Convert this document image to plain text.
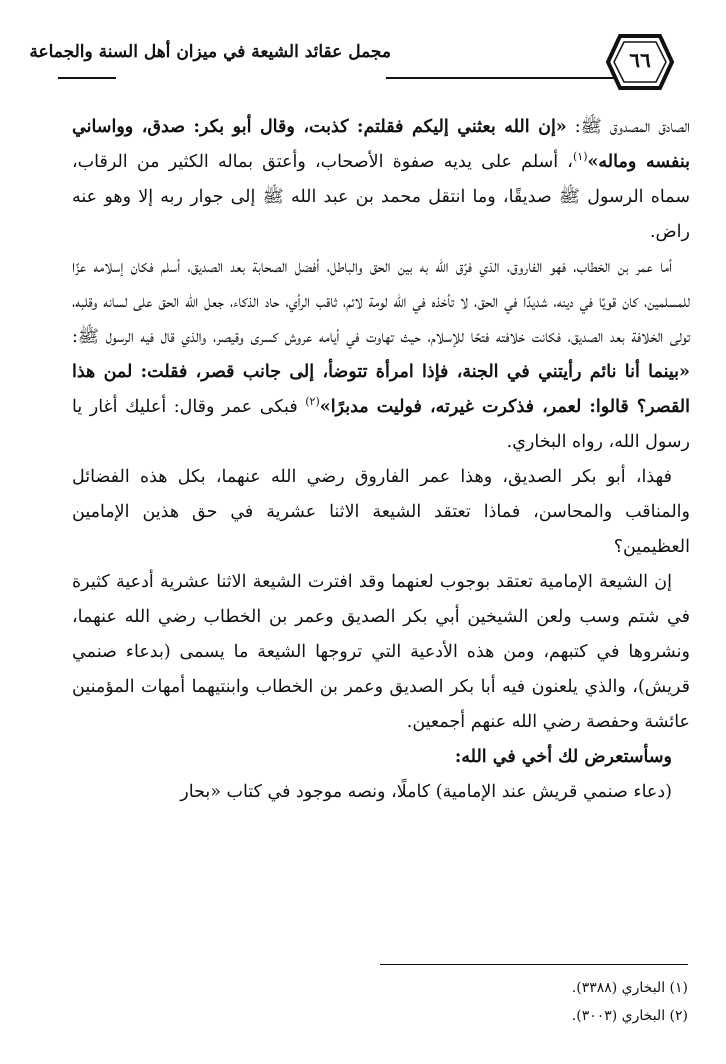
مجمل عقائد الشيعة في ميزان أهل السنة والجماعة	٦٦

الصادق المصدوق ﷺ: «إن الله بعثني إليكم فقلتم: كذبت، وقال أبو بكر: صدق، وواساني بنفسه وماله»$^{(١)}$، أسلم على يديه صفوة الأصحاب، وأعتق بماله الكثير من الرقاب، سماه الرسول ﷺ صديقًا، وما انتقل محمد بن عبد الله ﷺ إلى جوار ربه إلا وهو عنه راض.

أما عمر بن الخطاب، فهو الفاروق، الذي فرّق الله به بين الحق والباطل، أفضل الصحابة بعد الصديق، أسلم فكان إسلامه عزًا للمسلمين، كان قويًا في دينه، شديدًا في الحق، لا تأخذه في الله لومة لائم، ثاقب الرأي، حاد الذكاء، جعل الله الحق على لسانه وقلبه، تولى الخلافة بعد الصديق، فكانت خلافته فتحًا للإسلام، حيث تهاوت في أيامه عروش كسرى وقيصر، والذي قال فيه الرسول ﷺ: «بينما أنا نائم رأيتني في الجنة، فإذا امرأة تتوضأ، إلى جانب قصر، فقلت: لمن هذا القصر؟ قالوا: لعمر، فذكرت غيرته، فوليت مدبرًا»$^{(٢)}$ فبكى عمر وقال: أعليك أغار يا رسول الله، رواه البخاري.

فهذا، أبو بكر الصديق، وهذا عمر الفاروق رضي الله عنهما، بكل هذه الفضائل والمناقب والمحاسن، فماذا تعتقد الشيعة الاثنا عشرية في حق هذين الإمامين العظيمين؟

إن الشيعة الإمامية تعتقد بوجوب لعنهما وقد افترت الشيعة الاثنا عشرية أدعية كثيرة في شتم وسب ولعن الشيخين أبي بكر الصديق وعمر بن الخطاب رضي الله عنهما، ونشروها في كتبهم، ومن هذه الأدعية التي تروجها الشيعة ما يسمى (بدعاء صنمي قريش)، والذي يلعنون فيه أبا بكر الصديق وعمر بن الخطاب وابنتيهما أمهات المؤمنين عائشة وحفصة رضي الله عنهم أجمعين.

وسأستعرض لك أخي في الله:

(دعاء صنمي قريش عند الإمامية) كاملًا، ونصه موجود في كتاب «بحار

(١) البخاري (٣٣٨٨).

(٢) البخاري (٣٠٠٣).
